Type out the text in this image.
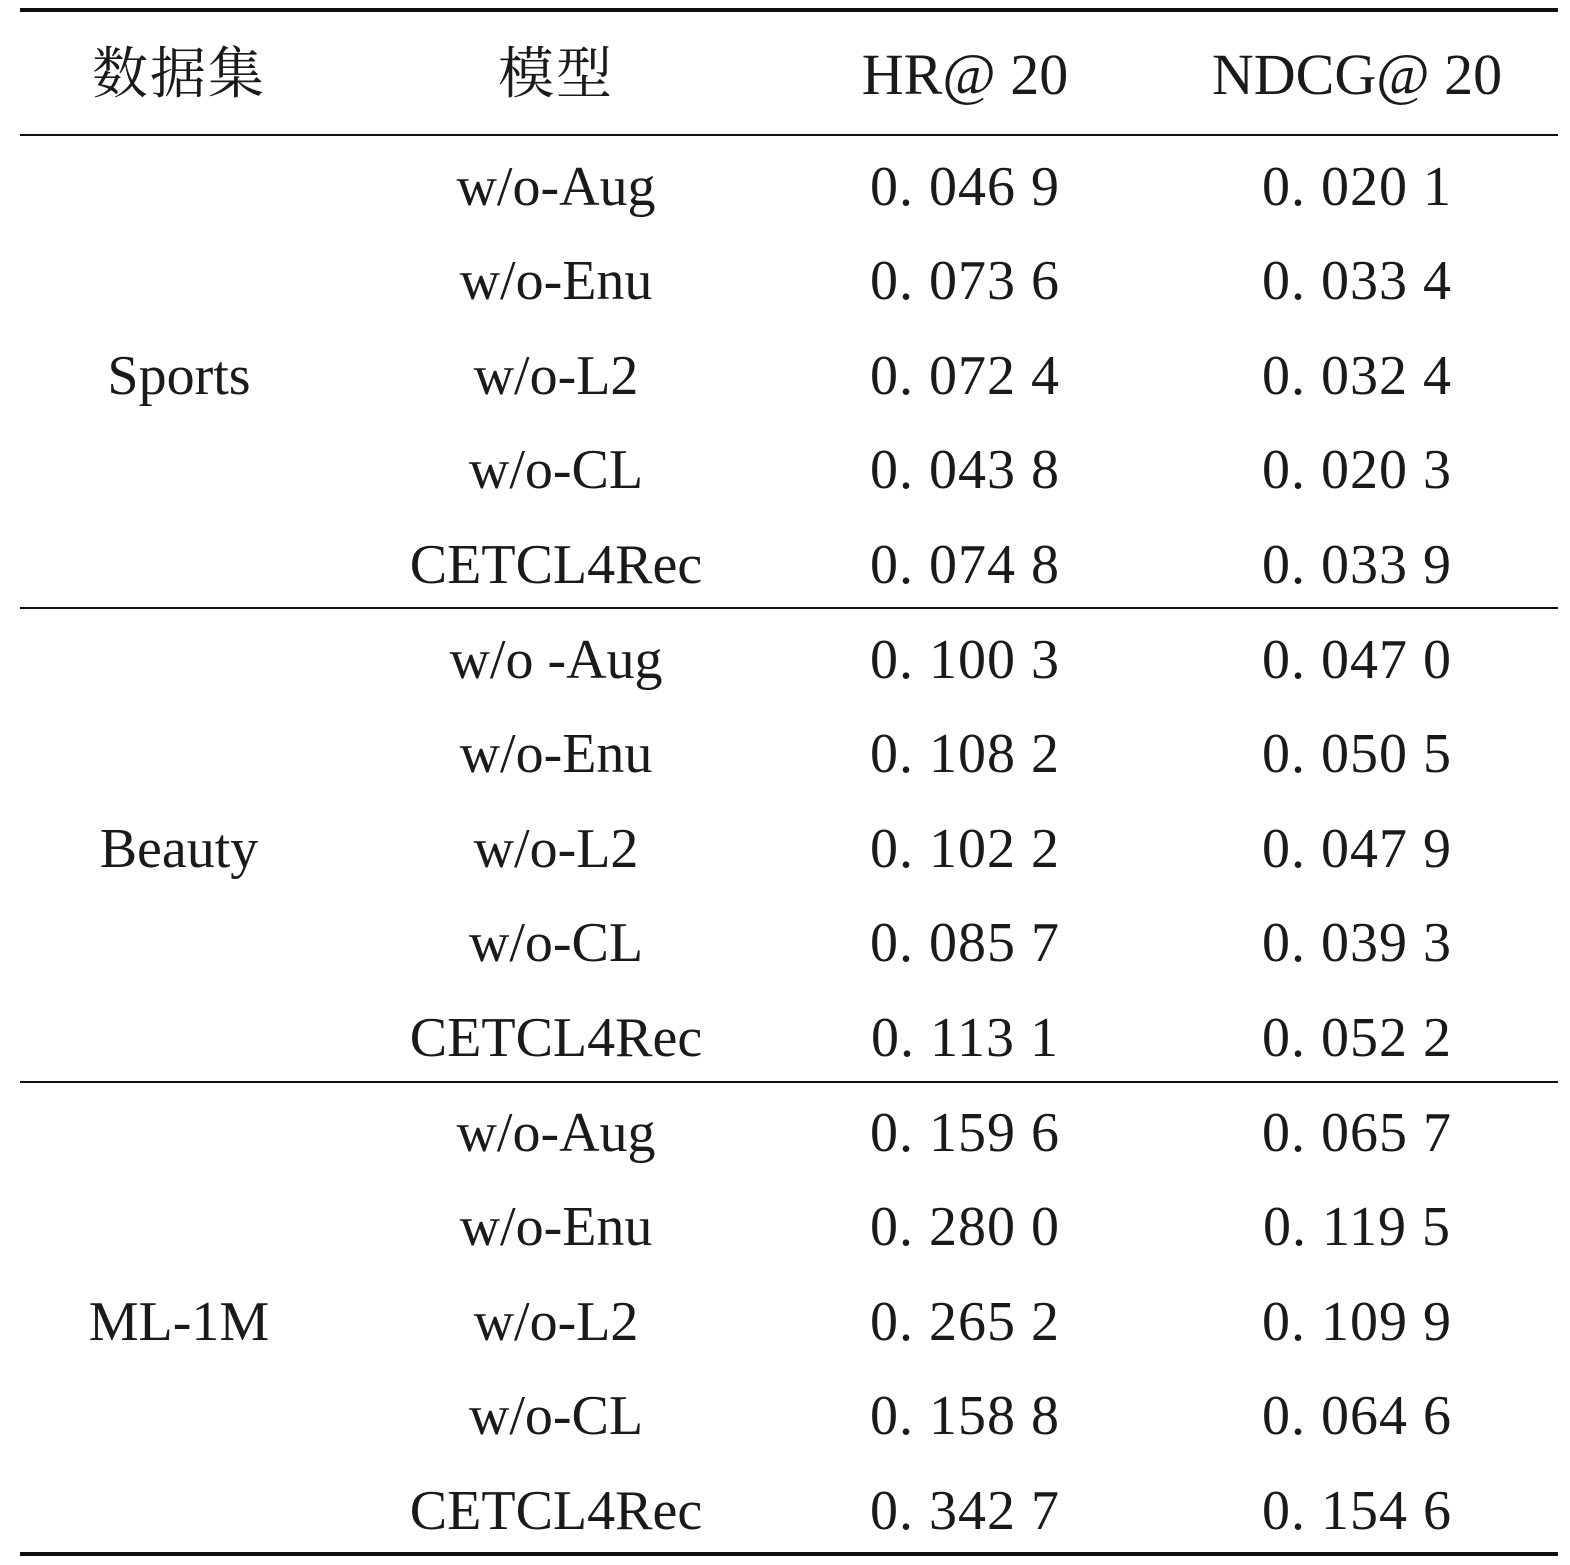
数据集	模型	HR@ 20	NDCG@ 20
Sports
w/o-Aug	0. 046 9	0. 020 1
w/o-Enu	0. 073 6	0. 033 4
w/o-L2	0. 072 4	0. 032 4
w/o-CL	0. 043 8	0. 020 3
CETCL4Rec	0. 074 8	0. 033 9
Beauty
w/o -Aug	0. 100 3	0. 047 0
w/o-Enu	0. 108 2	0. 050 5
w/o-L2	0. 102 2	0. 047 9
w/o-CL	0. 085 7	0. 039 3
CETCL4Rec	0. 113 1	0. 052 2
ML-1M
w/o-Aug	0. 159 6	0. 065 7
w/o-Enu	0. 280 0	0. 119 5
w/o-L2	0. 265 2	0. 109 9
w/o-CL	0. 158 8	0. 064 6
CETCL4Rec	0. 342 7	0. 154 6
